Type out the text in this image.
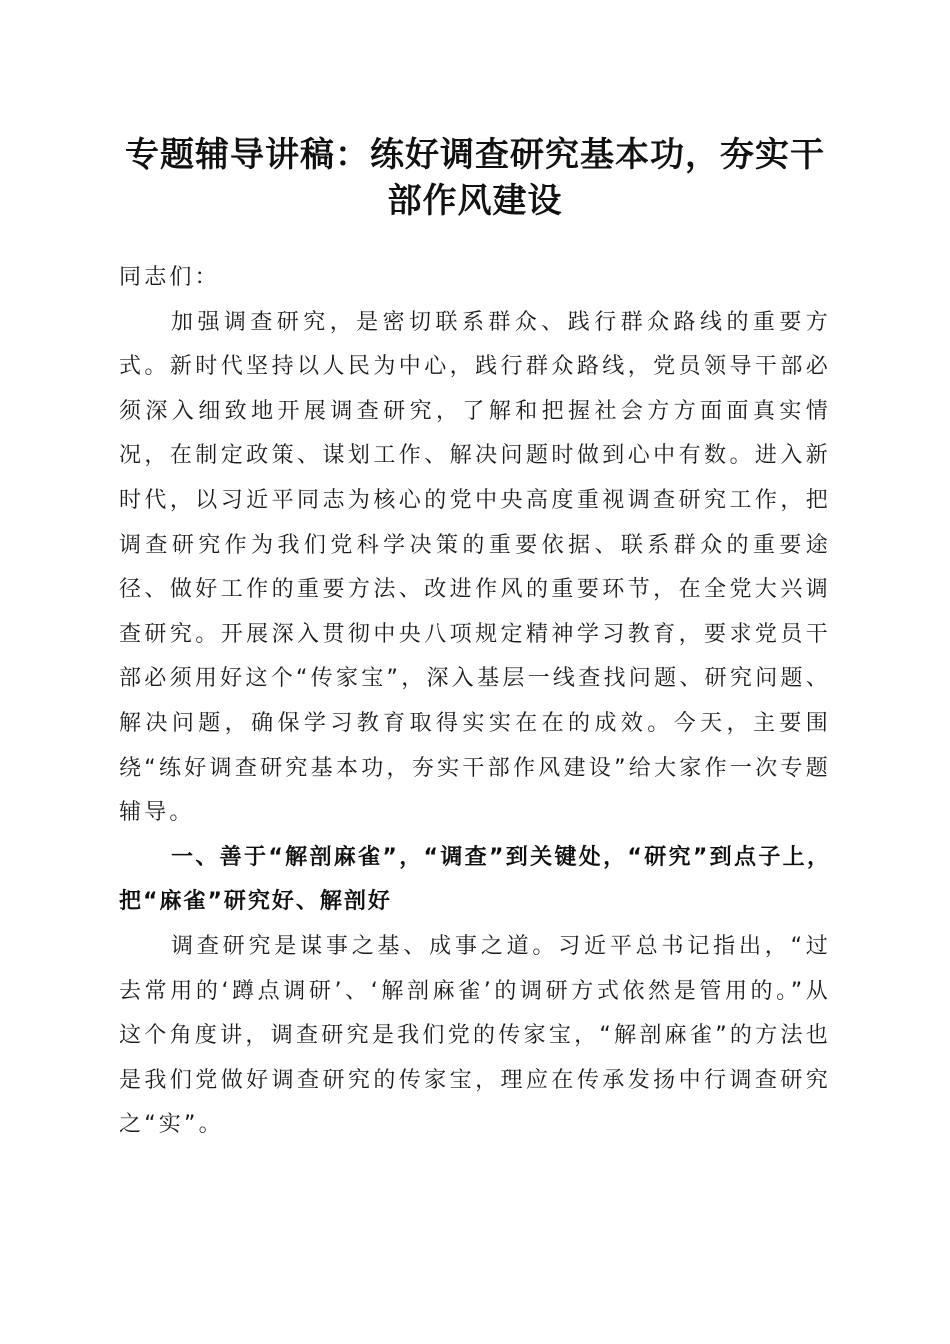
专题辅导讲稿：练好调查研究基本功，夯实干部作风建设

同志们：

加强调查研究，是密切联系群众、践行群众路线的重要方式。新时代坚持以人民为中心，践行群众路线，党员领导干部必须深入细致地开展调查研究，了解和把握社会方方面面真实情况，在制定政策、谋划工作、解决问题时做到心中有数。进入新时代，以习近平同志为核心的党中央高度重视调查研究工作，把调查研究作为我们党科学决策的重要依据、联系群众的重要途径、做好工作的重要方法、改进作风的重要环节，在全党大兴调查研究。开展深入贯彻中央八项规定精神学习教育，要求党员干部必须用好这个“传家宝”，深入基层一线查找问题、研究问题、解决问题，确保学习教育取得实实在在的成效。今天，主要围绕“练好调查研究基本功，夯实干部作风建设”给大家作一次专题辅导。

一、善于“解剖麻雀”，“调查”到关键处，“研究”到点子上，把“麻雀”研究好、解剖好

调查研究是谋事之基、成事之道。习近平总书记指出，“过去常用的‘蹲点调研’、‘解剖麻雀’的调研方式依然是管用的。”从这个角度讲，调查研究是我们党的传家宝，“解剖麻雀”的方法也是我们党做好调查研究的传家宝，理应在传承发扬中行调查研究之“实”。
